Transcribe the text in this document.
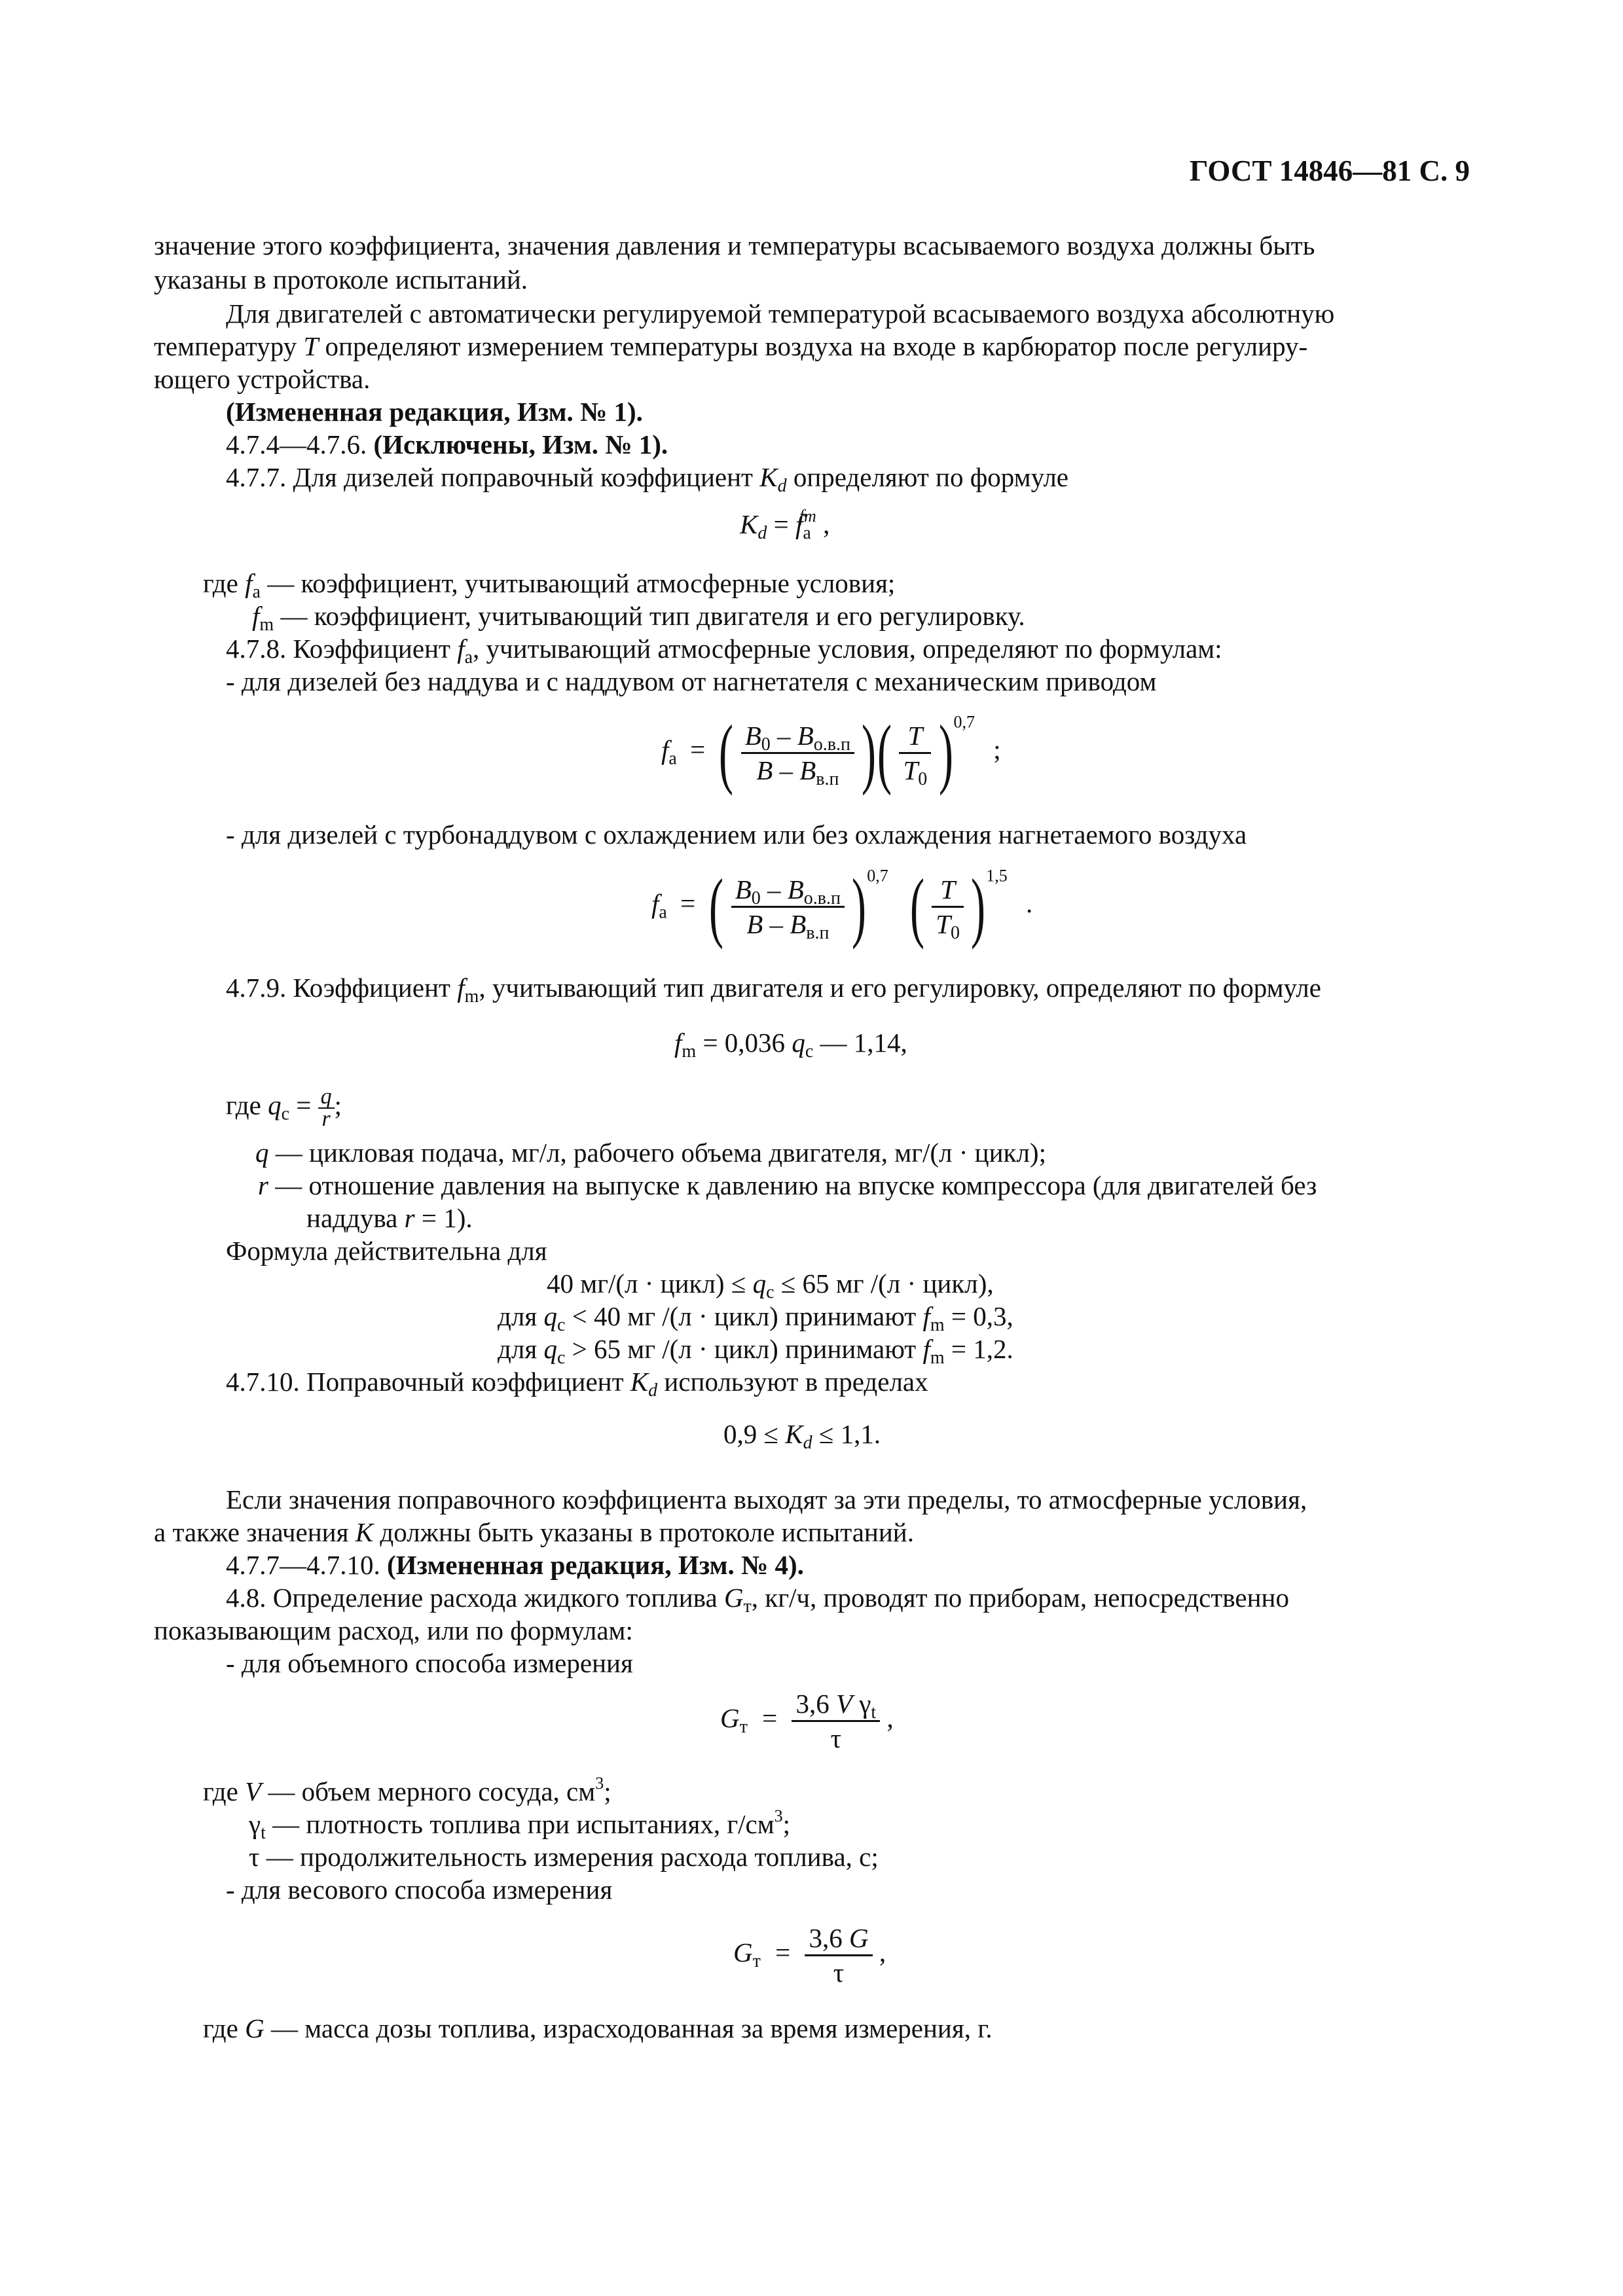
ГОСТ 14846—81 С. 9
значение этого коэффициента, значения давления и температуры всасываемого воздуха должны быть
указаны в протоколе испытаний.
Для двигателей с автоматически регулируемой температурой всасываемого воздуха абсолютную
температуру T определяют измерением температуры воздуха на входе в карбюратор после регулиру-
ющего устройства.
(Измененная редакция, Изм. № 1).
4.7.4—4.7.6. (Исключены, Изм. № 1).
4.7.7. Для дизелей поправочный коэффициент $K_d$ определяют по формуле
$K_d = f_a^{fm}$ ,
где $f_а$ — коэффициент, учитывающий атмосферные условия;
$f_m$ — коэффициент, учитывающий тип двигателя и его регулировку.
4.7.8. Коэффициент $f_а$, учитывающий атмосферные условия, определяют по формулам:
- для дизелей без наддува и с наддувом от нагнетателя с механическим приводом
$f_а$ = ( $\frac{B_0 - B_{о.в.п}}{B - B_{в.п}}$ )( $\frac{T}{T_0} )^{0,7}$ ;
- для дизелей с турбонаддувом с охлаждением или без охлаждения нагнетаемого воздуха
$f_а$ = ( $\frac{B_0 - B_{о.в.п}}{B - B_{в.п}} )^{0,7}$ ( $\frac{T}{T_0} )^{1,5}$ .
4.7.9. Коэффициент $f_m$, учитывающий тип двигателя и его регулировку, определяют по формуле
$f_m = 0,036$ $q_c$ — 1,14,
где $q_с = \frac{q}{r}$ ;
q — цикловая подача, мг/л, рабочего объема двигателя, мг/(л · цикл);
r — отношение давления на выпуске к давлению на впуске компрессора (для двигателей без
наддува r = 1).
Формула действительна для
40 мг/(л · цикл) ≤ $q_c \le 65$ мг /(л · цикл),
для $q_c < 40$ мг /(л · цикл) принимают $f_m = 0,3$,
для $q_c > 65$ мг /(л · цикл) принимают $f_m = 1,2$.
4.7.10. Поправочный коэффициент $K_d$ используют в пределах
$0,9 \le K_d \le 1,1$.
Если значения поправочного коэффициента выходят за эти пределы, то атмосферные условия,
а также значения K должны быть указаны в протоколе испытаний.
4.7.7—4.7.10. (Измененная редакция, Изм. № 4).
4.8. Определение расхода жидкого топлива $G_т$, кг/ч, проводят по приборам, непосредственно
показывающим расход, или по формулам:
- для объемного способа измерения
$G_т = \frac{3,6 V \gamma_t}{\tau}$ ,
где V — объем мерного сосуда, $см^3$;
$\gamma_t$ — плотность топлива при испытаниях, $г/см^3$;
τ — продолжительность измерения расхода топлива, с;
- для весового способа измерения
$G_т = \frac{3,6 G}{\tau}$ ,
где G — масса дозы топлива, израсходованная за время измерения, г.
